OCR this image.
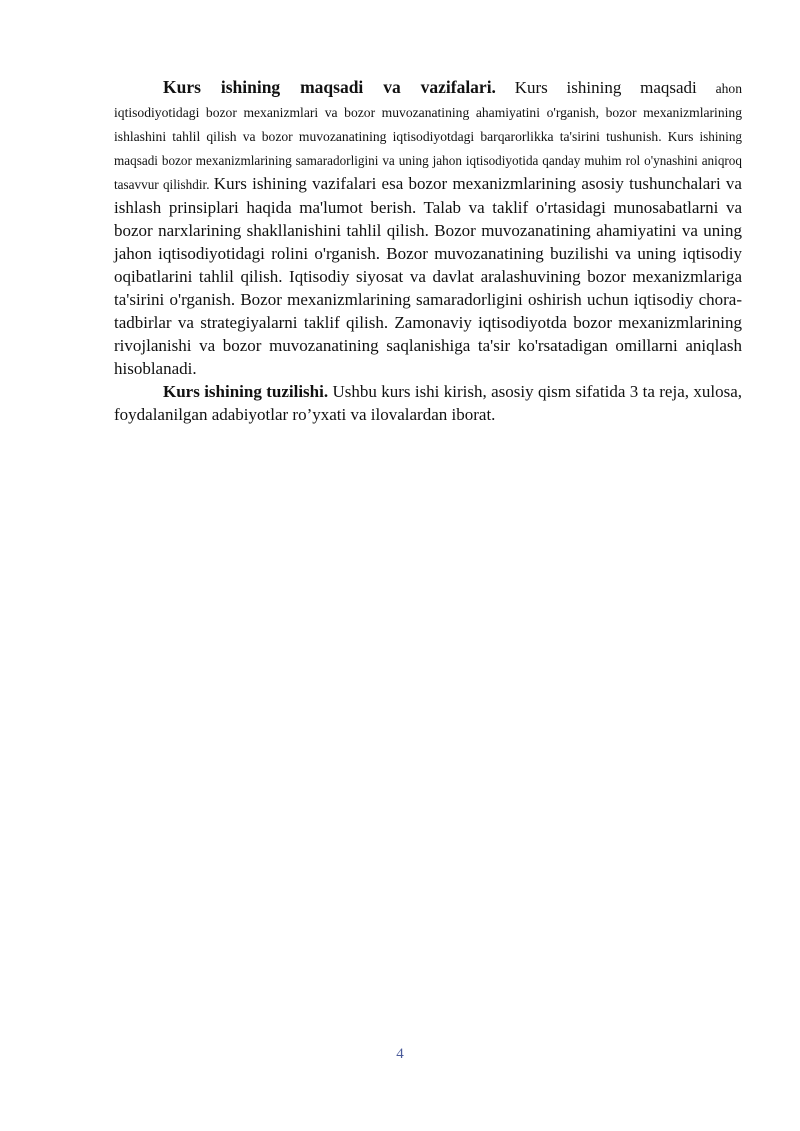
Kurs ishining maqsadi va vazifalari. Kurs ishining maqsadi ahon iqtisodiyotidagi bozor mexanizmlari va bozor muvozanatining ahamiyatini o'rganish, bozor mexanizmlarining ishlashini tahlil qilish va bozor muvozanatining iqtisodiyotdagi barqarorlikka ta'sirini tushunish. Kurs ishining maqsadi bozor mexanizmlarining samaradorligini va uning jahon iqtisodiyotida qanday muhim rol o'ynashini aniqroq tasavvur qilishdir. Kurs ishining vazifalari esa bozor mexanizmlarining asosiy tushunchalari va ishlash prinsiplari haqida ma'lumot berish. Talab va taklif o'rtasidagi munosabatlarni va bozor narxlarining shakllanishini tahlil qilish. Bozor muvozanatining ahamiyatini va uning jahon iqtisodiyotidagi rolini o'rganish. Bozor muvozanatining buzilishi va uning iqtisodiy oqibatlarini tahlil qilish. Iqtisodiy siyosat va davlat aralashuvining bozor mexanizmlariga ta'sirini o'rganish. Bozor mexanizmlarining samaradorligini oshirish uchun iqtisodiy chora-tadbirlar va strategiyalarni taklif qilish. Zamonaviy iqtisodiyotda bozor mexanizmlarining rivojlanishi va bozor muvozanatining saqlanishiga ta'sir ko'rsatadigan omillarni aniqlash hisoblanadi.

Kurs ishining tuzilishi. Ushbu kurs ishi kirish, asosiy qism sifatida 3 ta reja, xulosa, foydalanilgan adabiyotlar ro’yxati va ilovalardan iborat.

4
